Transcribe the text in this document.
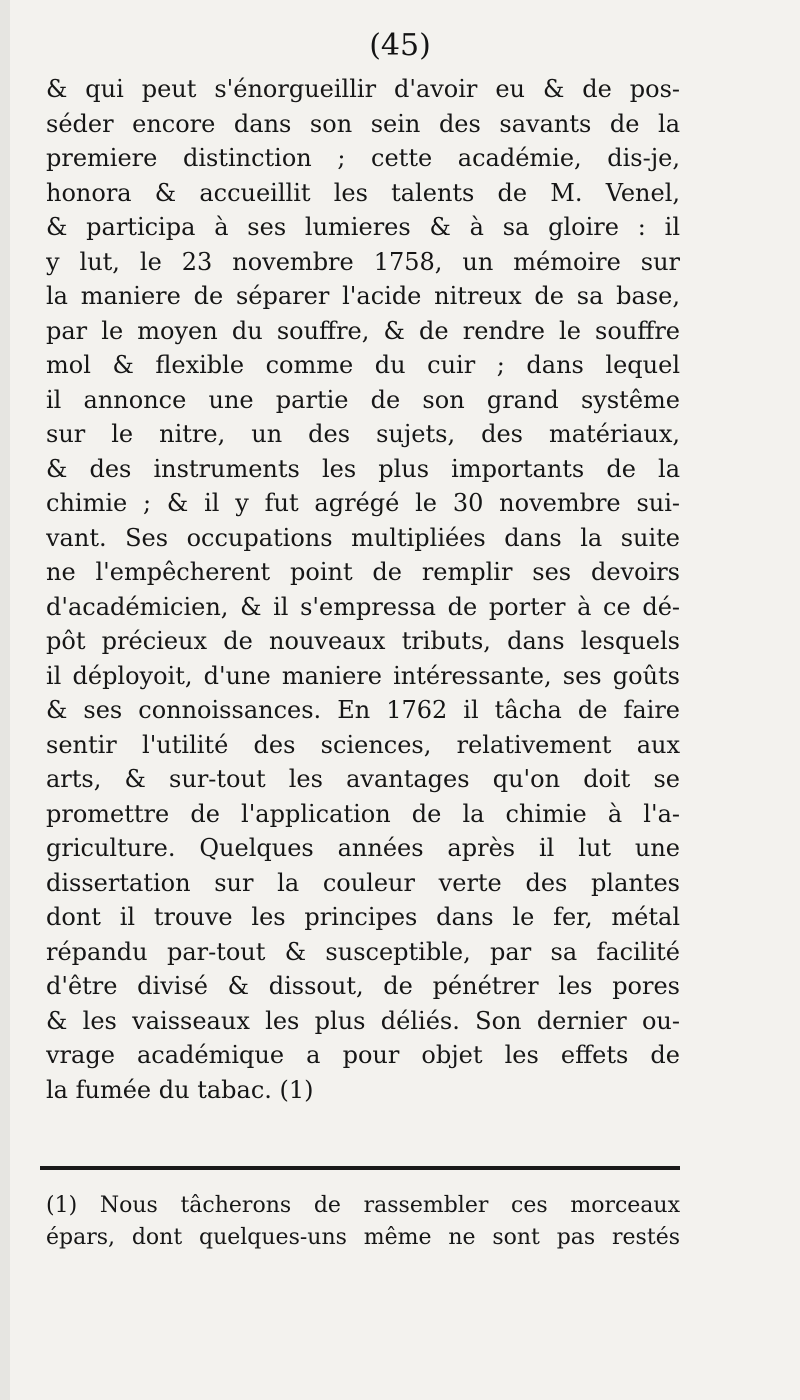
(45)
& qui peut s'énorgueillir d'avoir eu & de pos-
séder encore dans son sein des savants de la
premiere distinction ; cette académie, dis-je,
honora & accueillit les talents de M. Venel,
& participa à ses lumieres & à sa gloire : il
y lut, le 23 novembre 1758, un mémoire sur
la maniere de séparer l'acide nitreux de sa base,
par le moyen du souffre, & de rendre le souffre
mol & flexible comme du cuir ; dans lequel
il annonce une partie de son grand systême
sur le nitre, un des sujets, des matériaux,
& des instruments les plus importants de la
chimie ; & il y fut agrégé le 30 novembre sui-
vant. Ses occupations multipliées dans la suite
ne l'empêcherent point de remplir ses devoirs
d'académicien, & il s'empressa de porter à ce dé-
pôt précieux de nouveaux tributs, dans lesquels
il déployoit, d'une maniere intéressante, ses goûts
& ses connoissances. En 1762 il tâcha de faire
sentir l'utilité des sciences, relativement aux
arts, & sur-tout les avantages qu'on doit se
promettre de l'application de la chimie à l'a-
griculture. Quelques années après il lut une
dissertation sur la couleur verte des plantes
dont il trouve les principes dans le fer, métal
répandu par-tout & susceptible, par sa facilité
d'être divisé & dissout, de pénétrer les pores
& les vaisseaux les plus déliés. Son dernier ou-
vrage académique a pour objet les effets de
la fumée du tabac. (1)
(1) Nous tâcherons de rassembler ces morceaux
épars, dont quelques-uns même ne sont pas restés
